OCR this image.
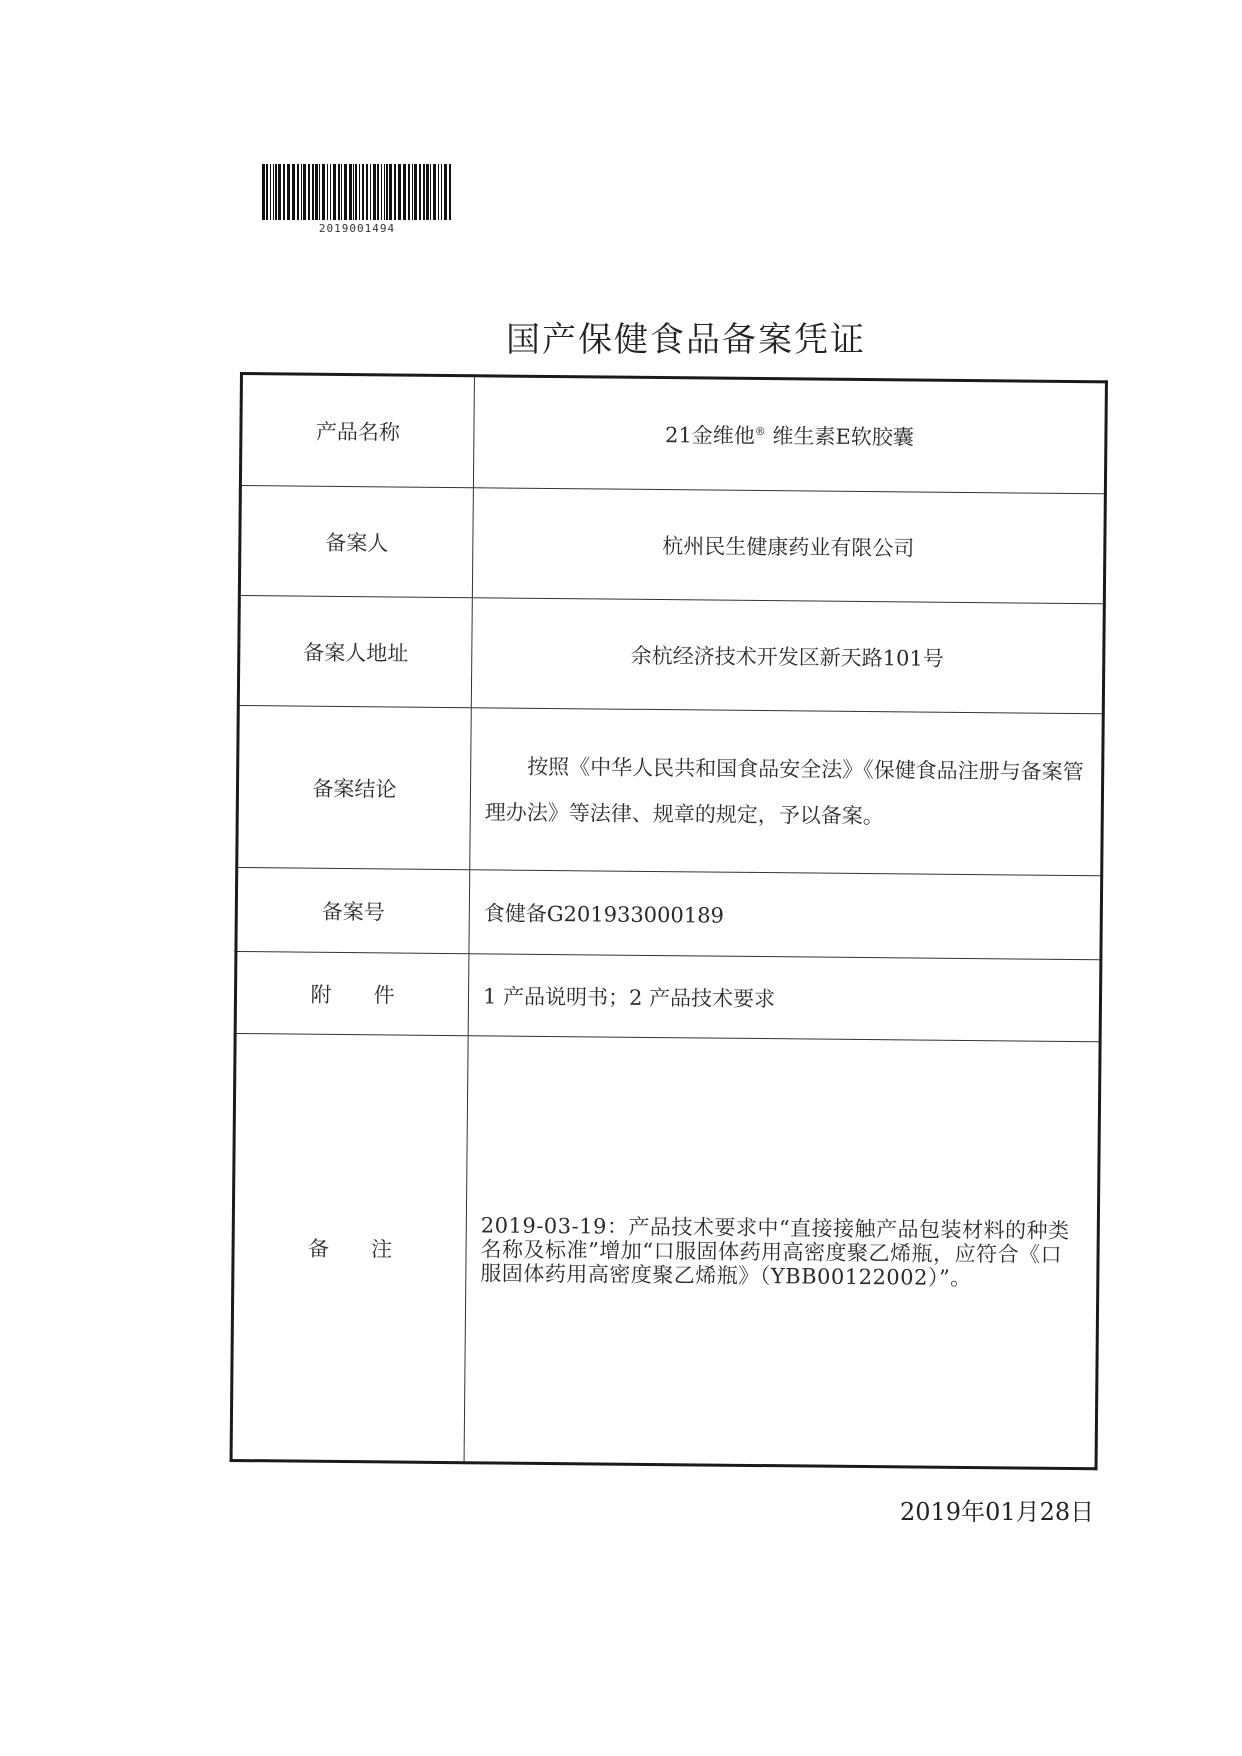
2019001494
国产保健食品备案凭证
产品名称	21金维他® 维生素E软胶囊
备案人	杭州民生健康药业有限公司
备案人地址	余杭经济技术开发区新天路101号
备案结论	按照《中华人民共和国食品安全法》《保健食品注册与备案管理办法》等法律、规章的规定，予以备案。
备案号	食健备G201933000189
附　　件	1 产品说明书；2 产品技术要求
备　　注	2019-03-19：产品技术要求中“直接接触产品包装材料的种类名称及标准”增加“口服固体药用高密度聚乙烯瓶，应符合《口服固体药用高密度聚乙烯瓶》（YBB00122002）”。
2019年01月28日
